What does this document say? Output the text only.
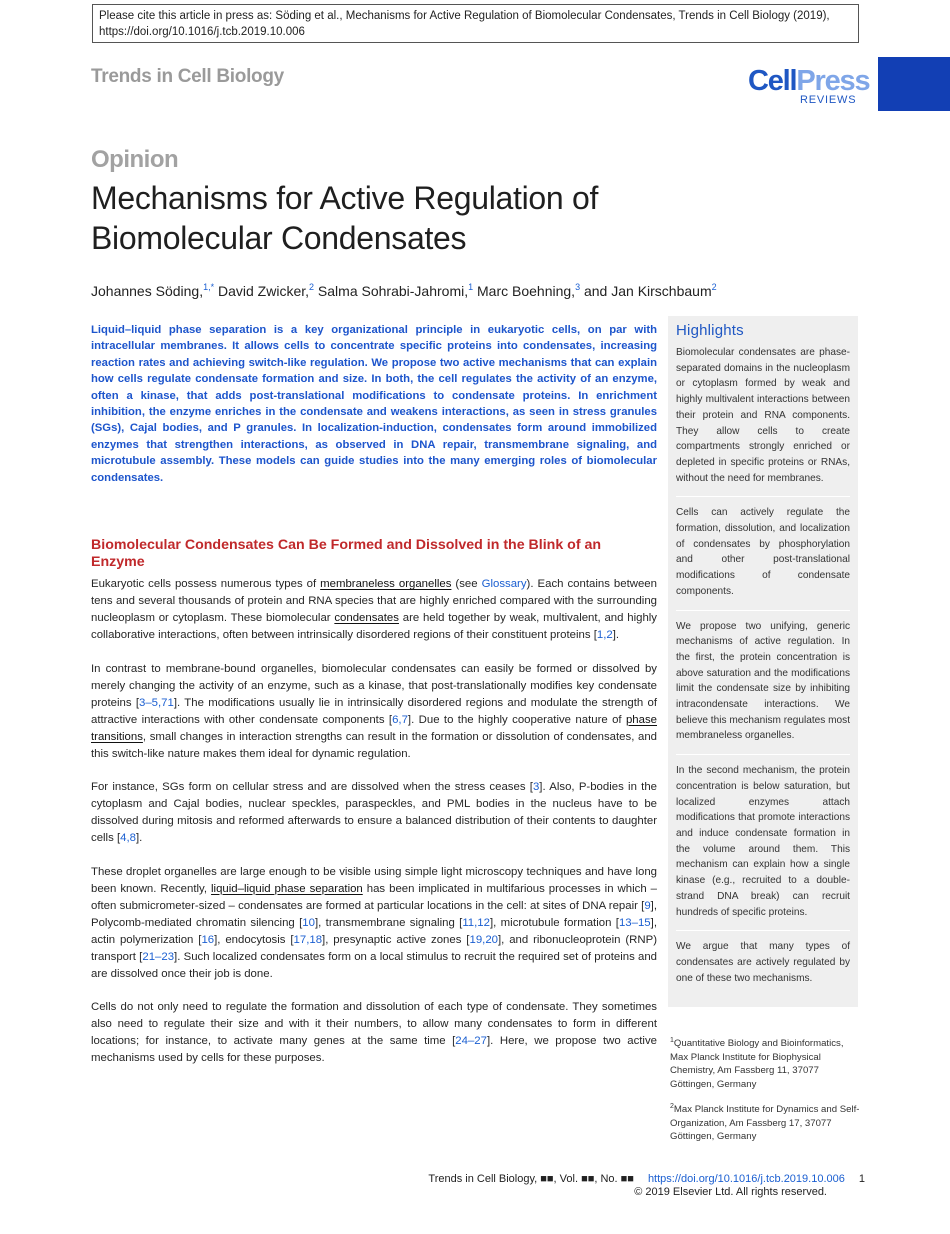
Please cite this article in press as: Söding et al., Mechanisms for Active Regulation of Biomolecular Condensates, Trends in Cell Biology (2019),
https://doi.org/10.1016/j.tcb.2019.10.006
Trends in Cell Biology	CellPress
REVIEWS
Opinion
Mechanisms for Active Regulation of
Biomolecular Condensates
Johannes Söding,$^{1,*}$ David Zwicker,$^2$ Salma Sohrabi-Jahromi,$^1$ Marc Boehning,$^3$ and Jan Kirschbaum$^2$
Liquid–liquid phase separation is a key organizational principle in eukaryotic cells, on par with intracellular membranes. It allows cells to concentrate specific proteins into condensates, increasing reaction rates and achieving switch-like regulation. We propose two active mechanisms that can explain how cells regulate condensate formation and size. In both, the cell regulates the activity of an enzyme, often a kinase, that adds post-translational modifications to condensate proteins. In enrichment inhibition, the enzyme enriches in the condensate and weakens interactions, as seen in stress granules (SGs), Cajal bodies, and P granules. In localization-induction, condensates form around immobilized enzymes that strengthen interactions, as observed in DNA repair, transmembrane signaling, and microtubule assembly. These models can guide studies into the many emerging roles of biomolecular condensates.
Biomolecular Condensates Can Be Formed and Dissolved in the Blink of an Enzyme

Eukaryotic cells possess numerous types of membraneless organelles (see Glossary). Each contains between tens and several thousands of protein and RNA species that are highly enriched compared with the surrounding nucleoplasm or cytoplasm. These biomolecular condensates are held together by weak, multivalent, and highly collaborative interactions, often between intrinsically disordered regions of their constituent proteins [1,2].

In contrast to membrane-bound organelles, biomolecular condensates can easily be formed or dissolved by merely changing the activity of an enzyme, such as a kinase, that post-translationally modifies key condensate proteins [3–5,71]. The modifications usually lie in intrinsically disordered regions and modulate the strength of attractive interactions with other condensate components [6,7]. Due to the highly cooperative nature of phase transitions, small changes in interaction strengths can result in the formation or dissolution of condensates, and this switch-like nature makes them ideal for dynamic regulation.

For instance, SGs form on cellular stress and are dissolved when the stress ceases [3]. Also, P-bodies in the cytoplasm and Cajal bodies, nuclear speckles, paraspeckles, and PML bodies in the nucleus have to be dissolved during mitosis and reformed afterwards to ensure a balanced distribution of their contents to daughter cells [4,8].

These droplet organelles are large enough to be visible using simple light microscopy techniques and have long been known. Recently, liquid–liquid phase separation has been implicated in multifarious processes in which – often submicrometer-sized – condensates are formed at particular locations in the cell: at sites of DNA repair [9], Polycomb-mediated chromatin silencing [10], transmembrane signaling [11,12], microtubule formation [13–15], actin polymerization [16], endocytosis [17,18], presynaptic active zones [19,20], and ribonucleoprotein (RNP) transport [21–23]. Such localized condensates form on a local stimulus to recruit the required set of proteins and are dissolved once their job is done.

Cells do not only need to regulate the formation and dissolution of each type of condensate. They sometimes also need to regulate their size and with it their numbers, to allow many condensates to form in different locations; for instance, to activate many genes at the same time [24–27]. Here, we propose two active mechanisms used by cells for these purposes.

Highlights
Biomolecular condensates are phase-separated domains in the nucleoplasm or cytoplasm formed by weak and highly multivalent interactions between their protein and RNA components. They allow cells to create compartments strongly enriched or depleted in specific proteins or RNAs, without the need for membranes.
Cells can actively regulate the formation, dissolution, and localization of condensates by phosphorylation and other post-translational modifications of condensate components.
We propose two unifying, generic mechanisms of active regulation. In the first, the protein concentration is above saturation and the modifications limit the condensate size by inhibiting intracondensate interactions. We believe this mechanism regulates most membraneless organelles.
In the second mechanism, the protein concentration is below saturation, but localized enzymes attach modifications that promote interactions and induce condensate formation in the volume around them. This mechanism can explain how a single kinase (e.g., recruited to a double-strand DNA break) can recruit hundreds of specific proteins.
We argue that many types of condensates are actively regulated by one of these two mechanisms.

$^1$Quantitative Biology and Bioinformatics, Max Planck Institute for Biophysical Chemistry, Am Fassberg 11, 37077 Göttingen, Germany

$^2$Max Planck Institute for Dynamics and Self-Organization, Am Fassberg 17, 37077 Göttingen, Germany

Trends in Cell Biology, ■■, Vol. ■■, No. ■■ https://doi.org/10.1016/j.tcb.2019.10.006 1
© 2019 Elsevier Ltd. All rights reserved.
